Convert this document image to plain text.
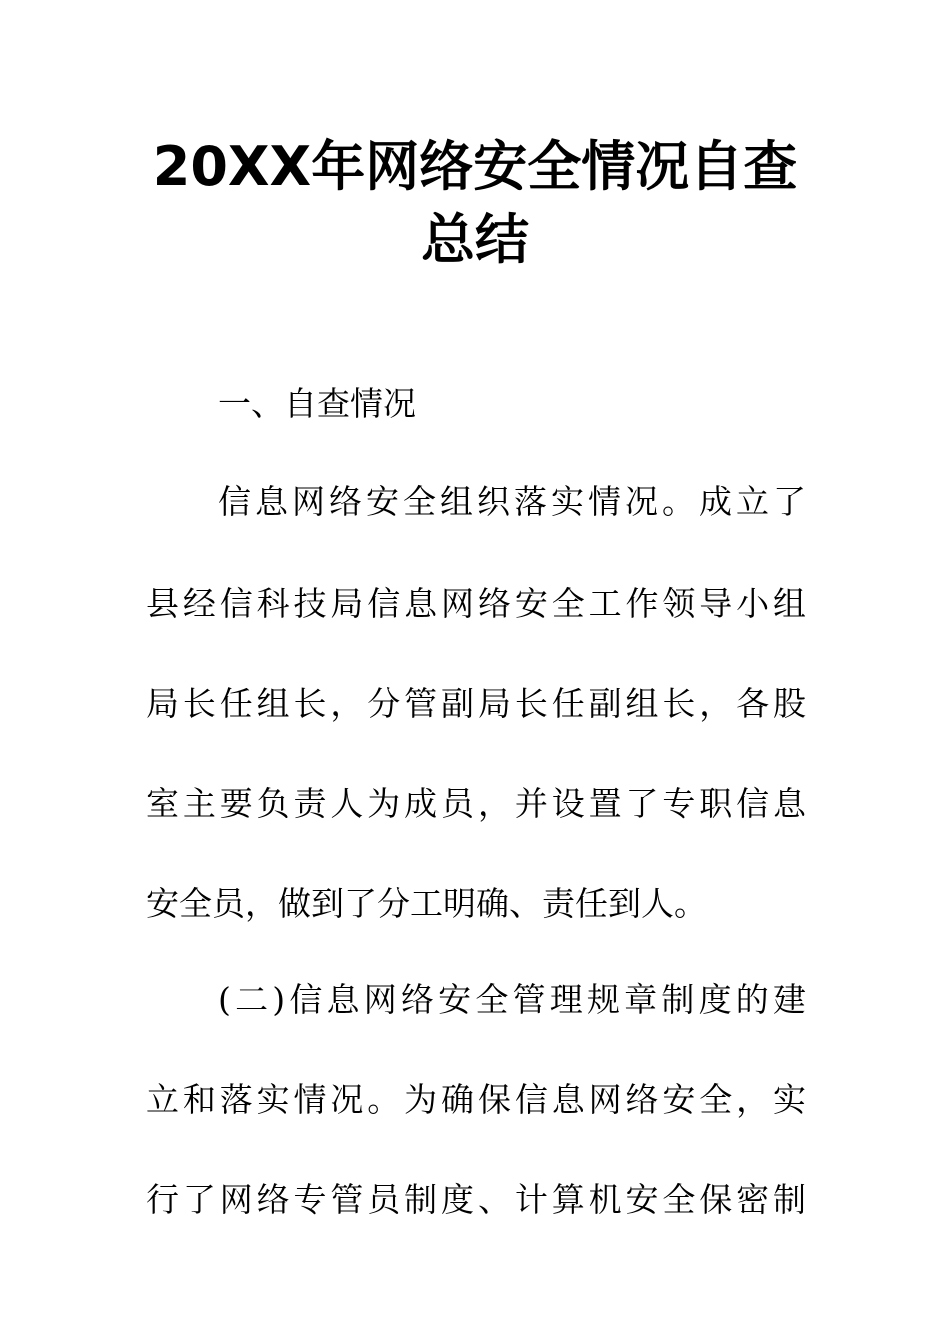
20XX年网络安全情况自查
总结

一、自查情况

信息网络安全组织落实情况。成立了

县经信科技局信息网络安全工作领导小组

局长任组长，分管副局长任副组长，各股

室主要负责人为成员，并设置了专职信息

安全员，做到了分工明确、责任到人。

(二)信息网络安全管理规章制度的建

立和落实情况。为确保信息网络安全，实

行了网络专管员制度、计算机安全保密制
